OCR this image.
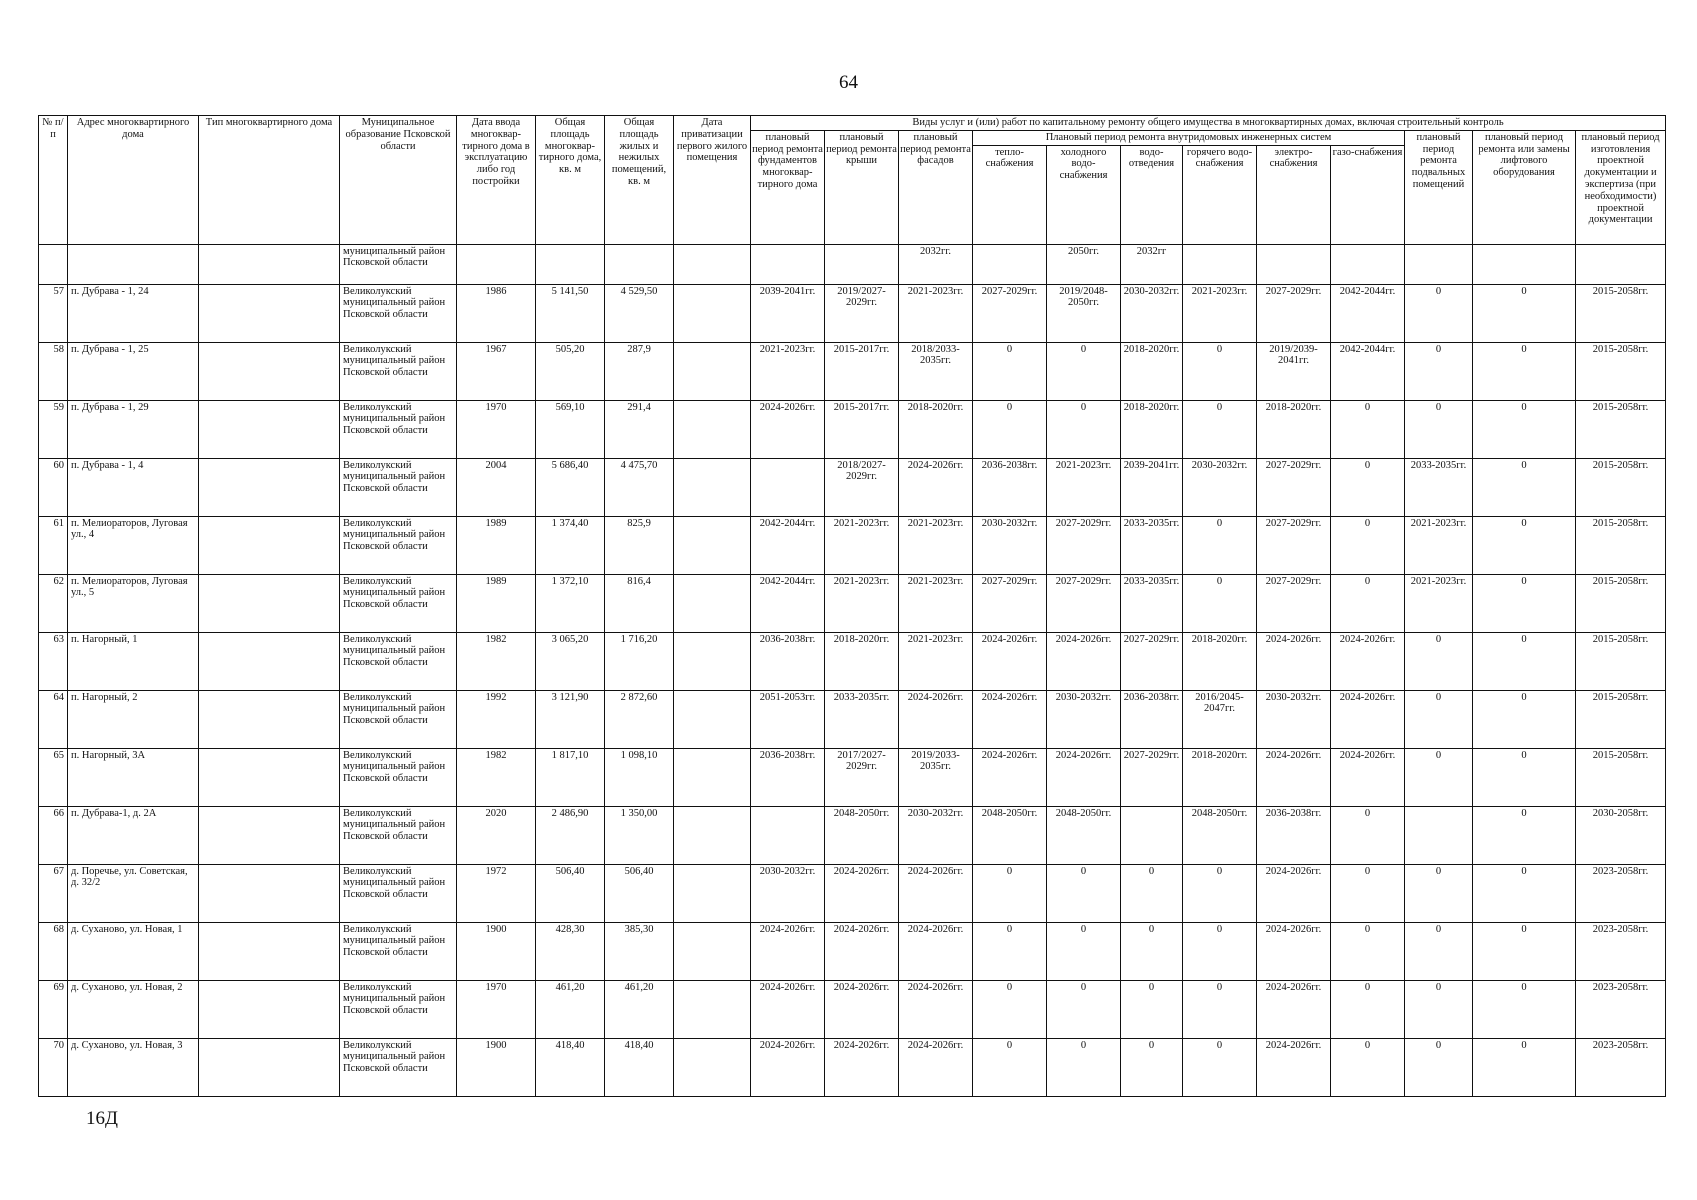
64
№ п/п	Адрес многоквартирного дома	Тип многоквартирного дома	Муниципальное образование Псковской области	Дата ввода многоквар-тирного дома в эксплуатацию либо год постройки	Общая площадь многоквар-тирного дома, кв. м	Общая площадь жилых и нежилых помещений, кв. м	Дата приватизации первого жилого помещения	Виды услуг и (или) работ по капитальному ремонту общего имущества в многоквартирных домах, включая строительный контроль											
								плановый период ремонта фундаментов многоквар-тирного дома	плановый период ремонта крыши	плановый период ремонта фасадов	Плановый период ремонта внутридомовых инженерных систем						плановый период ремонта подвальных помещений	плановый период ремонта или замены лифтового оборудования	плановый период изготовления проектной документации и экспертиза (при необходимости) проектной документации
											тепло-снабжения	холодного водо-снабжения	водо-отведения	горячего водо-снабжения	электро-снабжения	газо-снабжения			
			муниципальный район Псковской области							2032гг.		2050гг.	2032гг						
57	п. Дубрава - 1, 24		Великолукский муниципальный район Псковской области	1986	5 141,50	4 529,50		2039-2041гг.	2019/2027-2029гг.	2021-2023гг.	2027-2029гг.	2019/2048-2050гг.	2030-2032гг.	2021-2023гг.	2027-2029гг.	2042-2044гг.	0	0	2015-2058гг.
58	п. Дубрава - 1, 25		Великолукский муниципальный район Псковской области	1967	505,20	287,9		2021-2023гг.	2015-2017гг.	2018/2033-2035гг.	0	0	2018-2020гг.	0	2019/2039-2041гг.	2042-2044гг.	0	0	2015-2058гг.
59	п. Дубрава - 1, 29		Великолукский муниципальный район Псковской области	1970	569,10	291,4		2024-2026гг.	2015-2017гг.	2018-2020гг.	0	0	2018-2020гг.	0	2018-2020гг.	0	0	0	2015-2058гг.
60	п. Дубрава - 1, 4		Великолукский муниципальный район Псковской области	2004	5 686,40	4 475,70			2018/2027-2029гг.	2024-2026гг.	2036-2038гг.	2021-2023гг.	2039-2041гг.	2030-2032гг.	2027-2029гг.	0	2033-2035гг.	0	2015-2058гг.
61	п. Мелиораторов, Луговая ул., 4		Великолукский муниципальный район Псковской области	1989	1 374,40	825,9		2042-2044гг.	2021-2023гг.	2021-2023гг.	2030-2032гг.	2027-2029гг.	2033-2035гг.	0	2027-2029гг.	0	2021-2023гг.	0	2015-2058гг.
62	п. Мелиораторов, Луговая ул., 5		Великолукский муниципальный район Псковской области	1989	1 372,10	816,4		2042-2044гг.	2021-2023гг.	2021-2023гг.	2027-2029гг.	2027-2029гг.	2033-2035гг.	0	2027-2029гг.	0	2021-2023гг.	0	2015-2058гг.
63	п. Нагорный, 1		Великолукский муниципальный район Псковской области	1982	3 065,20	1 716,20		2036-2038гг.	2018-2020гг.	2021-2023гг.	2024-2026гг.	2024-2026гг.	2027-2029гг.	2018-2020гг.	2024-2026гг.	2024-2026гг.	0	0	2015-2058гг.
64	п. Нагорный, 2		Великолукский муниципальный район Псковской области	1992	3 121,90	2 872,60		2051-2053гг.	2033-2035гг.	2024-2026гг.	2024-2026гг.	2030-2032гг.	2036-2038гг.	2016/2045-2047гг.	2030-2032гг.	2024-2026гг.	0	0	2015-2058гг.
65	п. Нагорный, 3А		Великолукский муниципальный район Псковской области	1982	1 817,10	1 098,10		2036-2038гг.	2017/2027-2029гг.	2019/2033-2035гг.	2024-2026гг.	2024-2026гг.	2027-2029гг.	2018-2020гг.	2024-2026гг.	2024-2026гг.	0	0	2015-2058гг.
66	п. Дубрава-1, д. 2А		Великолукский муниципальный район Псковской области	2020	2 486,90	1 350,00			2048-2050гг.	2030-2032гг.	2048-2050гг.	2048-2050гг.		2048-2050гг.	2036-2038гг.	0		0	2030-2058гг.
67	д. Поречье, ул. Советская, д. 32/2		Великолукский муниципальный район Псковской области	1972	506,40	506,40		2030-2032гг.	2024-2026гг.	2024-2026гг.	0	0	0	0	2024-2026гг.	0	0	0	2023-2058гг.
68	д. Суханово, ул. Новая, 1		Великолукский муниципальный район Псковской области	1900	428,30	385,30		2024-2026гг.	2024-2026гг.	2024-2026гг.	0	0	0	0	2024-2026гг.	0	0	0	2023-2058гг.
69	д. Суханово, ул. Новая, 2		Великолукский муниципальный район Псковской области	1970	461,20	461,20		2024-2026гг.	2024-2026гг.	2024-2026гг.	0	0	0	0	2024-2026гг.	0	0	0	2023-2058гг.
70	д. Суханово, ул. Новая, 3		Великолукский муниципальный район Псковской области	1900	418,40	418,40		2024-2026гг.	2024-2026гг.	2024-2026гг.	0	0	0	0	2024-2026гг.	0	0	0	2023-2058гг.
16Д
